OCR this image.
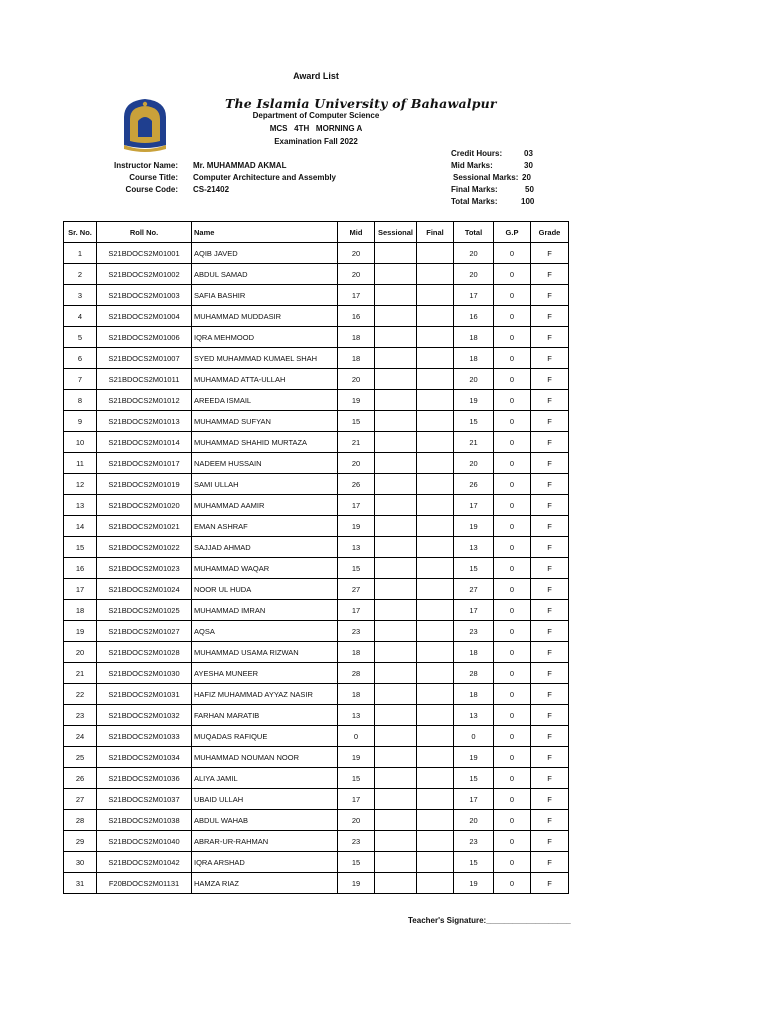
Award List
The Islamia University of Bahawalpur
Department of Computer Science
MCS   4TH   MORNING A
Examination Fall 2022
Instructor Name: Mr. MUHAMMAD AKMAL
Course Title: Computer Architecture and Assembly
Course Code: CS-21402
Credit Hours:	03
Mid Marks:	30
Sessional Marks: 20
Final Marks:	50
Total Marks:	100
Sr. No.	Roll No.	Name	Mid	Sessional	Final	Total	G.P	Grade
1	S21BDOCS2M01001	AQIB JAVED	20			20	0	F
2	S21BDOCS2M01002	ABDUL SAMAD	20			20	0	F
3	S21BDOCS2M01003	SAFIA BASHIR	17			17	0	F
4	S21BDOCS2M01004	MUHAMMAD MUDDASIR	16			16	0	F
5	S21BDOCS2M01006	IQRA MEHMOOD	18			18	0	F
6	S21BDOCS2M01007	SYED MUHAMMAD KUMAEL SHAH	18			18	0	F
7	S21BDOCS2M01011	MUHAMMAD ATTA-ULLAH	20			20	0	F
8	S21BDOCS2M01012	AREEDA ISMAIL	19			19	0	F
9	S21BDOCS2M01013	MUHAMMAD SUFYAN	15			15	0	F
10	S21BDOCS2M01014	MUHAMMAD SHAHID MURTAZA	21			21	0	F
11	S21BDOCS2M01017	NADEEM HUSSAIN	20			20	0	F
12	S21BDOCS2M01019	SAMI ULLAH	26			26	0	F
13	S21BDOCS2M01020	MUHAMMAD AAMIR	17			17	0	F
14	S21BDOCS2M01021	EMAN ASHRAF	19			19	0	F
15	S21BDOCS2M01022	SAJJAD AHMAD	13			13	0	F
16	S21BDOCS2M01023	MUHAMMAD WAQAR	15			15	0	F
17	S21BDOCS2M01024	NOOR UL HUDA	27			27	0	F
18	S21BDOCS2M01025	MUHAMMAD IMRAN	17			17	0	F
19	S21BDOCS2M01027	AQSA	23			23	0	F
20	S21BDOCS2M01028	MUHAMMAD USAMA RIZWAN	18			18	0	F
21	S21BDOCS2M01030	AYESHA MUNEER	28			28	0	F
22	S21BDOCS2M01031	HAFIZ MUHAMMAD AYYAZ NASIR	18			18	0	F
23	S21BDOCS2M01032	FARHAN MARATIB	13			13	0	F
24	S21BDOCS2M01033	MUQADAS RAFIQUE	0			0	0	F
25	S21BDOCS2M01034	MUHAMMAD NOUMAN NOOR	19			19	0	F
26	S21BDOCS2M01036	ALIYA JAMIL	15			15	0	F
27	S21BDOCS2M01037	UBAID ULLAH	17			17	0	F
28	S21BDOCS2M01038	ABDUL WAHAB	20			20	0	F
29	S21BDOCS2M01040	ABRAR-UR-RAHMAN	23			23	0	F
30	S21BDOCS2M01042	IQRA ARSHAD	15			15	0	F
31	F20BDOCS2M01131	HAMZA RIAZ	19			19	0	F
Teacher's Signature:___________________
